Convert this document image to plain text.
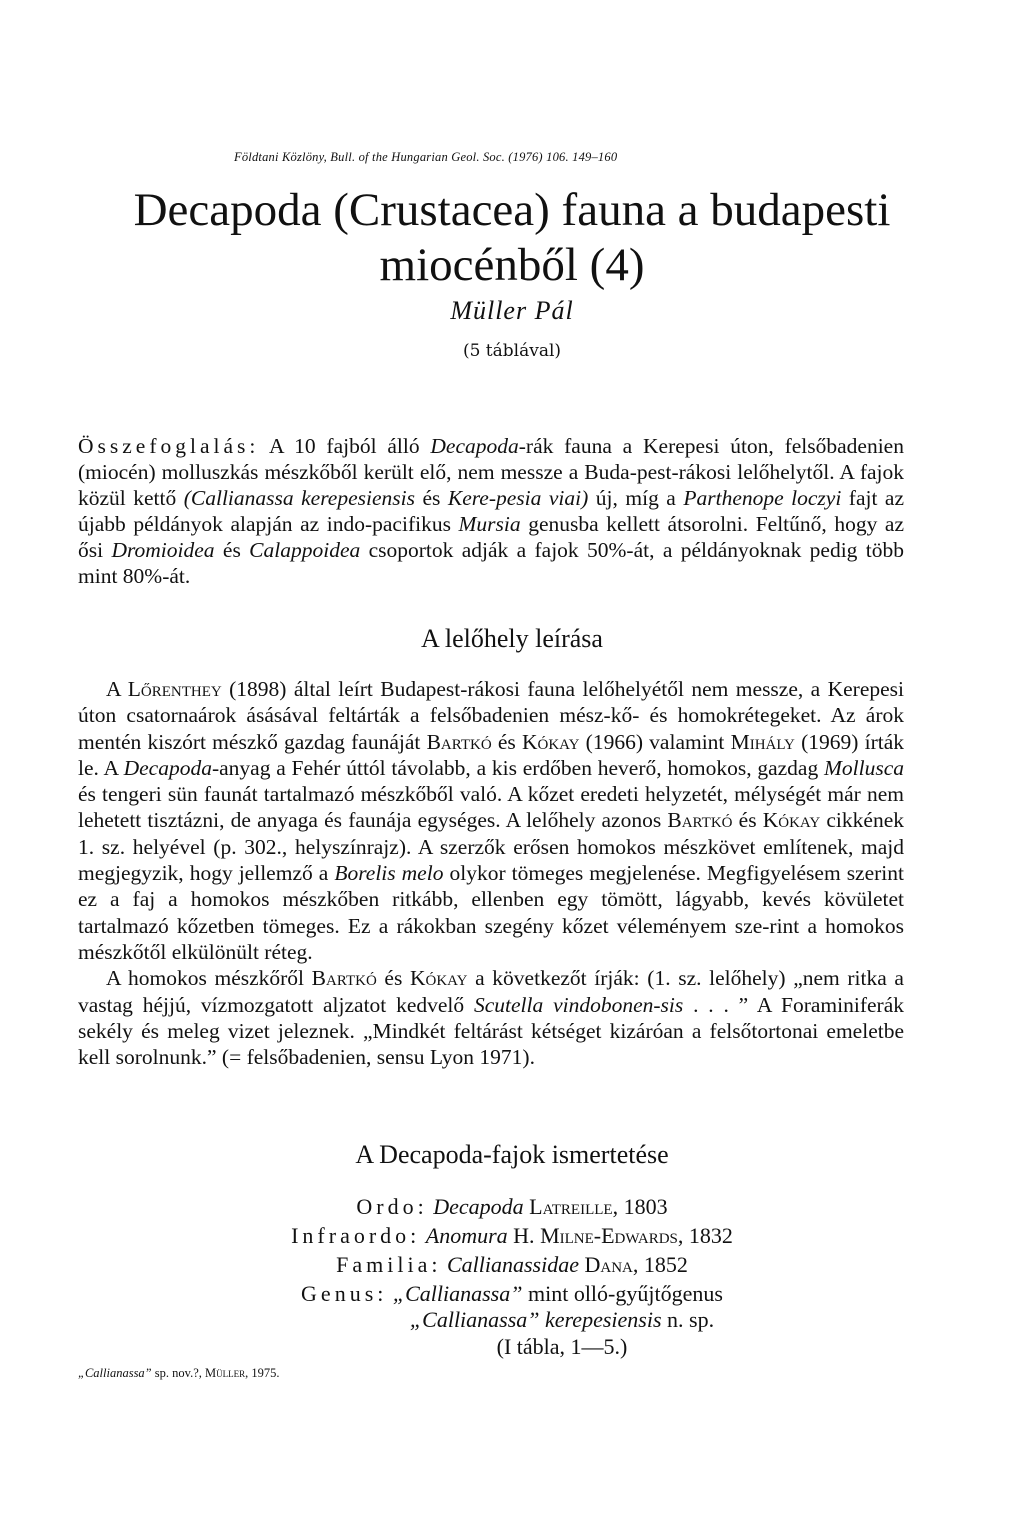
Földtani Közlöny, Bull. of the Hungarian Geol. Soc. (1976) 106. 149–160
Decapoda (Crustacea) fauna a budapesti
miocénből (4)
Müller Pál
(5 táblával)
Összefoglalás: A 10 fajból álló Decapoda-rák fauna a Kerepesi úton, felsőbadenien (miocén) molluszkás mészkőből került elő, nem messze a Buda-pest-rákosi lelőhelytől. A fajok közül kettő (Callianassa kerepesiensis és Kere-pesia viai) új, míg a Parthenope loczyi fajt az újabb példányok alapján az indo-pacifikus Mursia genusba kellett átsorolni. Feltűnő, hogy az ősi Dromioidea és Calappoidea csoportok adják a fajok 50%-át, a példányoknak pedig több mint 80%-át.
A lelőhely leírása

A Lőrenthey (1898) által leírt Budapest-rákosi fauna lelőhelyétől nem messze, a Kerepesi úton csatornaárok ásásával feltárták a felsőbadenien mész-kő- és homokrétegeket. Az árok mentén kiszórt mészkő gazdag faunáját Bartkó és Kókay (1966) valamint Mihály (1969) írták le. A Decapoda-anyag a Fehér úttól távolabb, a kis erdőben heverő, homokos, gazdag Mollusca és tengeri sün faunát tartalmazó mészkőből való. A kőzet eredeti helyzetét, mélységét már nem lehetett tisztázni, de anyaga és faunája egységes. A lelőhely azonos Bartkó és Kókay cikkének 1. sz. helyével (p. 302., helyszínrajz). A szerzők erősen homokos mészkövet említenek, majd megjegyzik, hogy jellemző a Borelis melo olykor tömeges megjelenése. Megfigyelésem szerint ez a faj a homokos mészkőben ritkább, ellenben egy tömött, lágyabb, kevés kövületet tartalmazó kőzetben tömeges. Ez a rákokban szegény kőzet véleményem sze-rint a homokos mészkőtől elkülönült réteg.

A homokos mészkőről Bartkó és Kókay a következőt írják: (1. sz. lelőhely) „nem ritka a vastag héjjú, vízmozgatott aljzatot kedvelő Scutella vindobonen-sis . . . ” A Foraminiferák sekély és meleg vizet jeleznek. „Mindkét feltárást kétséget kizáróan a felsőtortonai emeletbe kell sorolnunk.” (= felsőbadenien, sensu Lyon 1971).

A Decapoda-fajok ismertetése
Ordo: Decapoda Latreille, 1803
Infraordo: Anomura H. Milne-Edwards, 1832
Familia: Callianassidae Dana, 1852
Genus: „Callianassa” mint olló-gyűjtőgenus
„Callianassa” kerepesiensis n. sp.
(I tábla, 1—5.)
„Callianassa” sp. nov.?, Müller, 1975.
